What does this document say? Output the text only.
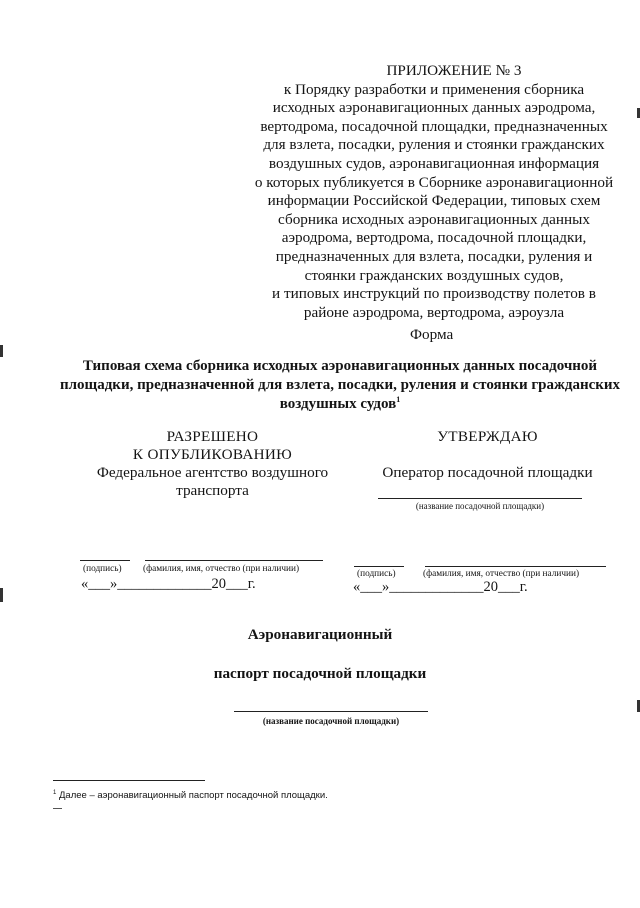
ПРИЛОЖЕНИЕ № 3
к Порядку разработки и применения сборника
исходных аэронавигационных данных аэродрома,
вертодрома, посадочной площадки, предназначенных
для взлета, посадки, руления и стоянки гражданских
воздушных судов, аэронавигационная информация
о которых публикуется в Сборнике аэронавигационной
информации Российской Федерации, типовых схем
сборника исходных аэронавигационных данных
аэродрома, вертодрома, посадочной площадки,
предназначенных для взлета, посадки, руления и
стоянки гражданских воздушных судов,
и типовых инструкций по производству полетов в
районе аэродрома, вертодрома, аэроузла
Форма
Типовая схема сборника исходных аэронавигационных данных посадочной
площадки, предназначенной для взлета, посадки, руления и стоянки гражданских
воздушных судов$^1$
РАЗРЕШЕНО
К ОПУБЛИКОВАНИЮ
Федеральное агентство воздушного
транспорта
УТВЕРЖДАЮ
Оператор посадочной площадки
(название посадочной площадки)
(подпись) (фамилия, имя, отчество (при наличии)
«___»_____________20___г.
(подпись)	(фамилия, имя, отчество (при наличии)
«___»_____________20___г.
Аэронавигационный
паспорт посадочной площадки
(название посадочной площадки)
$^1$ Далее – аэронавигационный паспорт посадочной площадки.
